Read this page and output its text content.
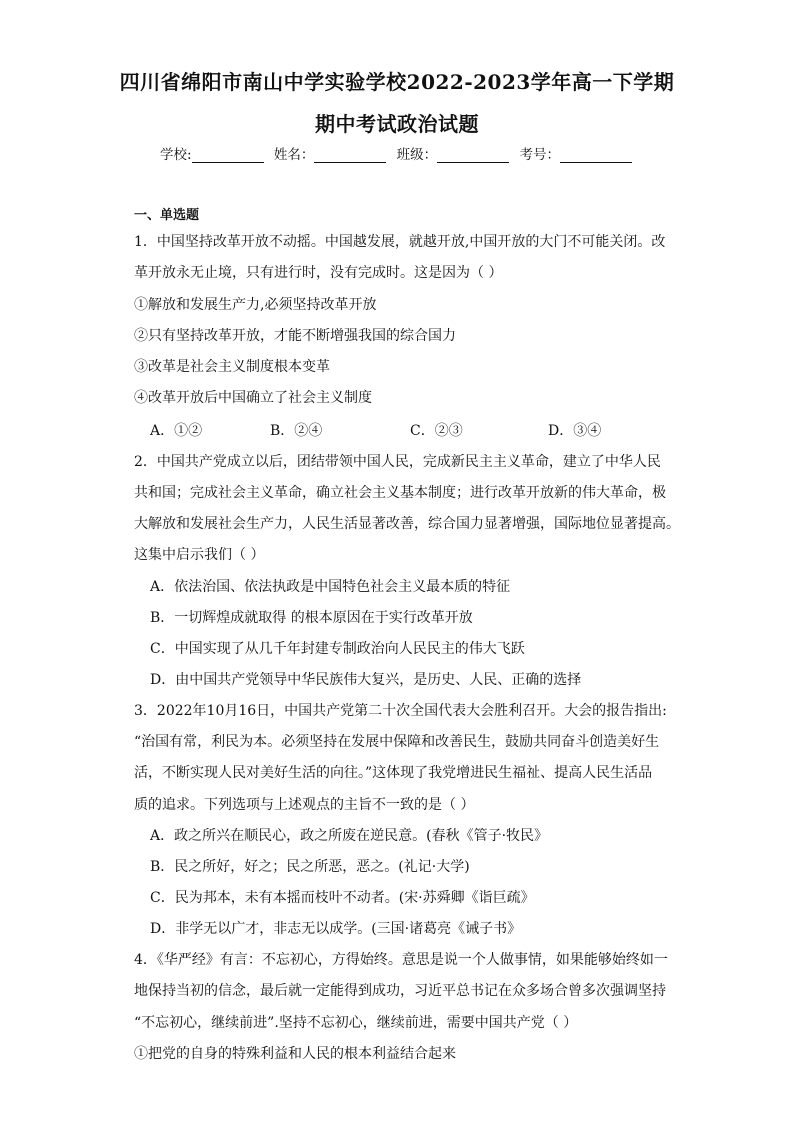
四川省绵阳市南山中学实验学校2022-2023学年高一下学期
期中考试政治试题
学校:	姓名：	班级：	考号：
一、单选题
1．中国坚持改革开放不动摇。中国越发展，就越开放,中国开放的大门不可能关闭。改
革开放永无止境，只有进行时，没有完成时。这是因为（ ）
①解放和发展生产力,必须坚持改革开放
②只有坚持改革开放，才能不断增强我国的综合国力
③改革是社会主义制度根本变革
④改革开放后中国确立了社会主义制度
A．①②	B．②④	C．②③	D．③④
2．中国共产党成立以后，团结带领中国人民，完成新民主主义革命，建立了中华人民
共和国；完成社会主义革命，确立社会主义基本制度；进行改革开放新的伟大革命，极
大解放和发展社会生产力，人民生活显著改善，综合国力显著增强，国际地位显著提高。
这集中启示我们（ ）
A．依法治国、依法执政是中国特色社会主义最本质的特征
B．一切辉煌成就取得 的根本原因在于实行改革开放
C．中国实现了从几千年封建专制政治向人民民主的伟大飞跃
D．由中国共产党领导中华民族伟大复兴，是历史、人民、正确的选择
3．2022年10月16日，中国共产党第二十次全国代表大会胜利召开。大会的报告指出:
“治国有常，利民为本。必须坚持在发展中保障和改善民生，鼓励共同奋斗创造美好生
活，不断实现人民对美好生活的向往。”这体现了我党增进民生福祉、提高人民生活品
质的追求。下列选项与上述观点的主旨不一致的是（ ）
A．政之所兴在顺民心，政之所废在逆民意。(春秋《管子·牧民》
B．民之所好，好之；民之所恶，恶之。(礼记·大学)
C．民为邦本，未有本摇而枝叶不动者。(宋·苏舜卿《诣巨疏》
D．非学无以广才，非志无以成学。(三国·诸葛亮《诫子书》
4．《华严经》有言：不忘初心，方得始终。意思是说一个人做事情，如果能够始终如一
地保持当初的信念，最后就一定能得到成功，习近平总书记在众多场合曾多次强调坚持
“不忘初心，继续前进”.坚持不忘初心，继续前进，需要中国共产党（ ）
①把党的自身的特殊利益和人民的根本利益结合起来
